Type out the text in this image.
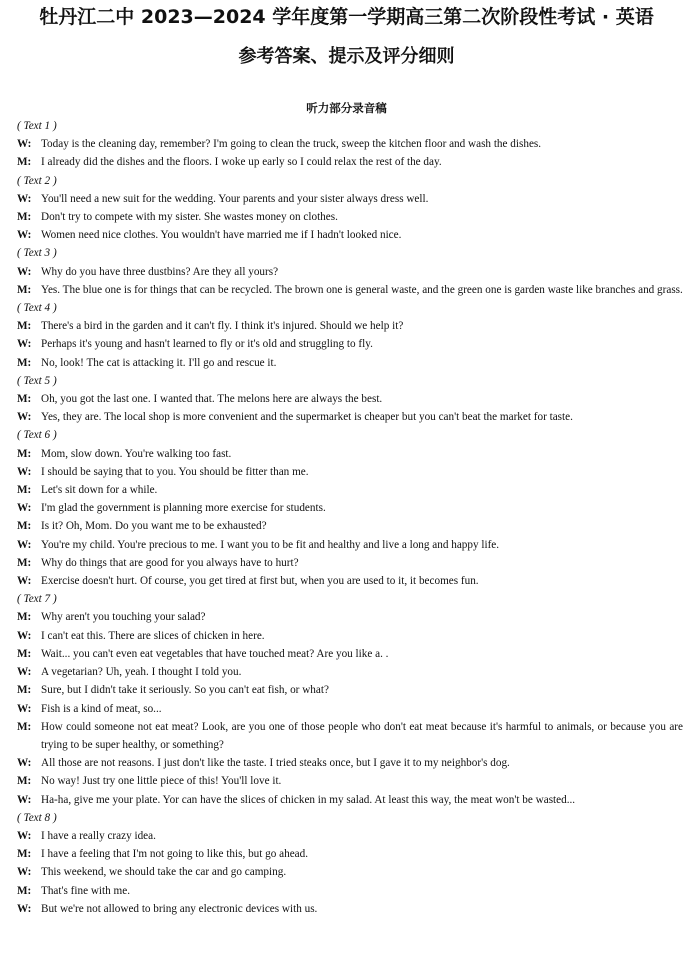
牡丹江二中 2023—2024 学年度第一学期高三第二次阶段性考试 · 英语
参考答案、提示及评分细则
听力部分录音稿
( Text 1 )
W: Today is the cleaning day, remember? I'm going to clean the truck, sweep the kitchen floor and wash the dishes.
M: I already did the dishes and the floors. I woke up early so I could relax the rest of the day.
( Text 2 )
W: You'll need a new suit for the wedding. Your parents and your sister always dress well.
M: Don't try to compete with my sister. She wastes money on clothes.
W: Women need nice clothes. You wouldn't have married me if I hadn't looked nice.
( Text 3 )
W: Why do you have three dustbins? Are they all yours?
M: Yes. The blue one is for things that can be recycled. The brown one is general waste, and the green one is garden waste like branches and grass.
( Text 4 )
M: There's a bird in the garden and it can't fly. I think it's injured. Should we help it?
W: Perhaps it's young and hasn't learned to fly or it's old and struggling to fly.
M: No, look! The cat is attacking it. I'll go and rescue it.
( Text 5 )
M: Oh, you got the last one. I wanted that. The melons here are always the best.
W: Yes, they are. The local shop is more convenient and the supermarket is cheaper but you can't beat the market for taste.
( Text 6 )
M: Mom, slow down. You're walking too fast.
W: I should be saying that to you. You should be fitter than me.
M: Let's sit down for a while.
W: I'm glad the government is planning more exercise for students.
M: Is it? Oh, Mom. Do you want me to be exhausted?
W: You're my child. You're precious to me. I want you to be fit and healthy and live a long and happy life.
M: Why do things that are good for you always have to hurt?
W: Exercise doesn't hurt. Of course, you get tired at first but, when you are used to it, it becomes fun.
( Text 7 )
M: Why aren't you touching your salad?
W: I can't eat this. There are slices of chicken in here.
M: Wait... you can't even eat vegetables that have touched meat? Are you like a. .
W: A vegetarian? Uh, yeah. I thought I told you.
M: Sure, but I didn't take it seriously. So you can't eat fish, or what?
W: Fish is a kind of meat, so...
M: How could someone not eat meat? Look, are you one of those people who don't eat meat because it's harmful to animals, or because you are trying to be super healthy, or something?
W: All those are not reasons. I just don't like the taste. I tried steaks once, but I gave it to my neighbor's dog.
M: No way! Just try one little piece of this! You'll love it.
W: Ha-ha, give me your plate. Yor can have the slices of chicken in my salad. At least this way, the meat won't be wasted...
( Text 8 )
W: I have a really crazy idea.
M: I have a feeling that I'm not going to like this, but go ahead.
W: This weekend, we should take the car and go camping.
M: That's fine with me.
W: But we're not allowed to bring any electronic devices with us.
